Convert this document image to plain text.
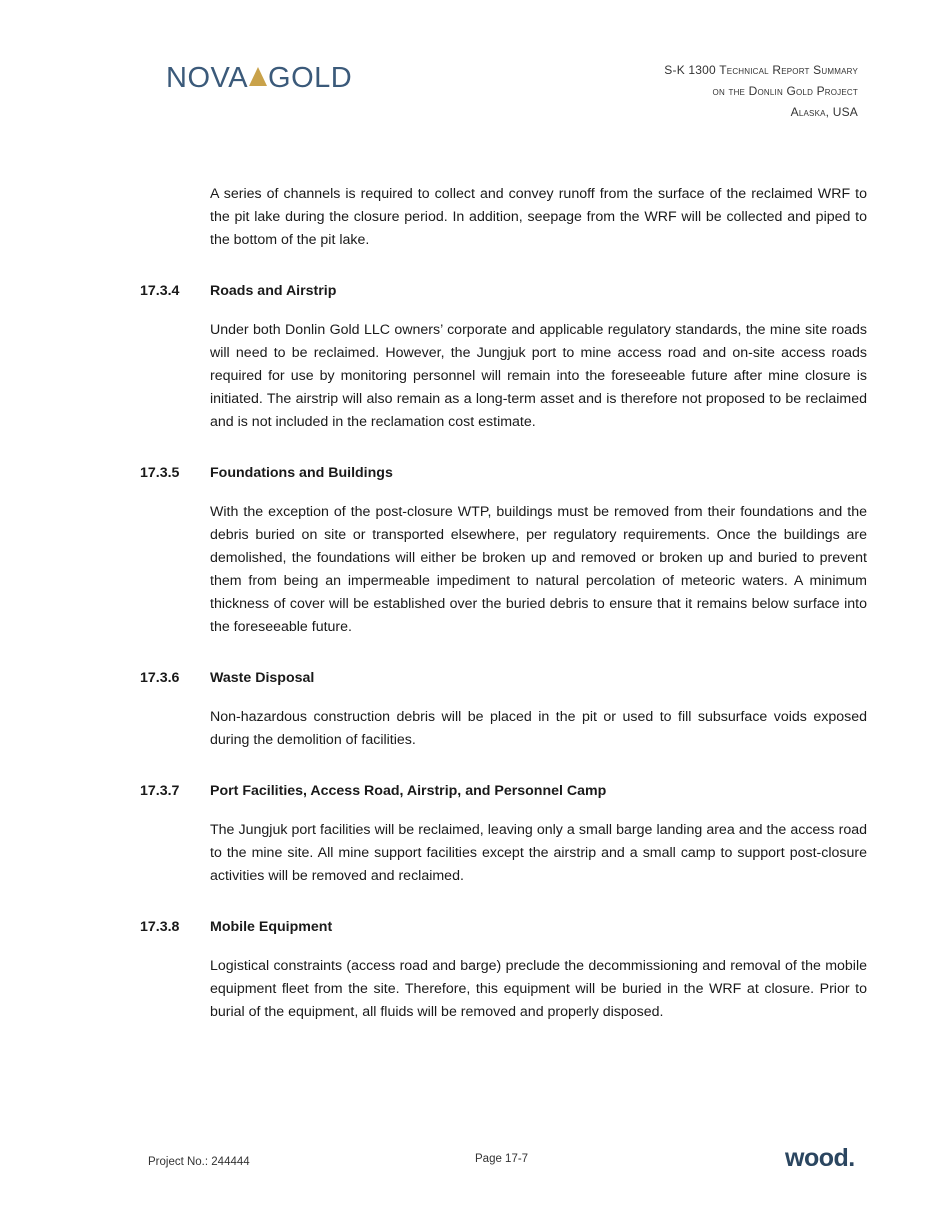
NOVA GOLD	S-K 1300 Technical Report Summary
on the Donlin Gold Project
Alaska, USA
A series of channels is required to collect and convey runoff from the surface of the reclaimed WRF to the pit lake during the closure period. In addition, seepage from the WRF will be collected and piped to the bottom of the pit lake.
17.3.4	Roads and Airstrip
Under both Donlin Gold LLC owners’ corporate and applicable regulatory standards, the mine site roads will need to be reclaimed. However, the Jungjuk port to mine access road and on-site access roads required for use by monitoring personnel will remain into the foreseeable future after mine closure is initiated. The airstrip will also remain as a long-term asset and is therefore not proposed to be reclaimed and is not included in the reclamation cost estimate.
17.3.5	Foundations and Buildings
With the exception of the post-closure WTP, buildings must be removed from their foundations and the debris buried on site or transported elsewhere, per regulatory requirements. Once the buildings are demolished, the foundations will either be broken up and removed or broken up and buried to prevent them from being an impermeable impediment to natural percolation of meteoric waters. A minimum thickness of cover will be established over the buried debris to ensure that it remains below surface into the foreseeable future.
17.3.6	Waste Disposal
Non-hazardous construction debris will be placed in the pit or used to fill subsurface voids exposed during the demolition of facilities.
17.3.7	Port Facilities, Access Road, Airstrip, and Personnel Camp
The Jungjuk port facilities will be reclaimed, leaving only a small barge landing area and the access road to the mine site. All mine support facilities except the airstrip and a small camp to support post-closure activities will be removed and reclaimed.
17.3.8	Mobile Equipment
Logistical constraints (access road and barge) preclude the decommissioning and removal of the mobile equipment fleet from the site. Therefore, this equipment will be buried in the WRF at closure. Prior to burial of the equipment, all fluids will be removed and properly disposed.
Project No.: 244444	Page 17-7	wood.
